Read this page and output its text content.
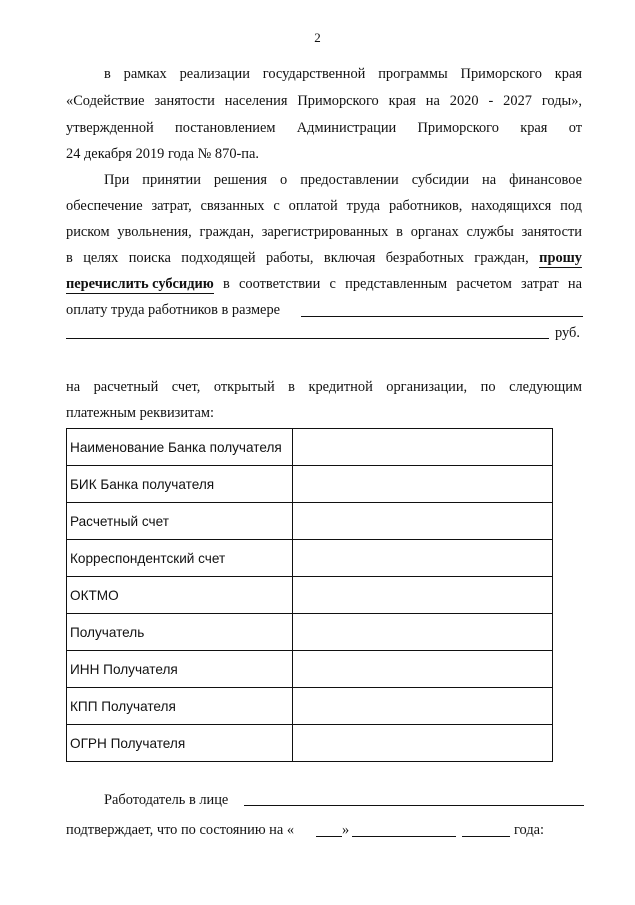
2
в рамках реализации государственной программы Приморского края
«Содействие занятости населения Приморского края на 2020 - 2027 годы»,
утвержденной постановлением Администрации Приморского края от
24 декабря 2019 года № 870-па.
При принятии решения о предоставлении субсидии на финансовое
обеспечение затрат, связанных с оплатой труда работников, находящихся под
риском увольнения, граждан, зарегистрированных в органах службы занятости
в целях поиска подходящей работы, включая безработных граждан, прошу
перечислить субсидию в соответствии с представленным расчетом затрат на
оплату труда работников в размере
руб.
на расчетный счет, открытый в кредитной организации, по следующим
платежным реквизитам:
Наименование Банка получателя	
БИК Банка получателя	
Расчетный счет	
Корреспондентский счет	
ОКТМО	
Получатель	
ИНН Получателя	
КПП Получателя	
ОГРН Получателя	
Работодатель в лице
подтверждает, что по состоянию на «	»	года:
